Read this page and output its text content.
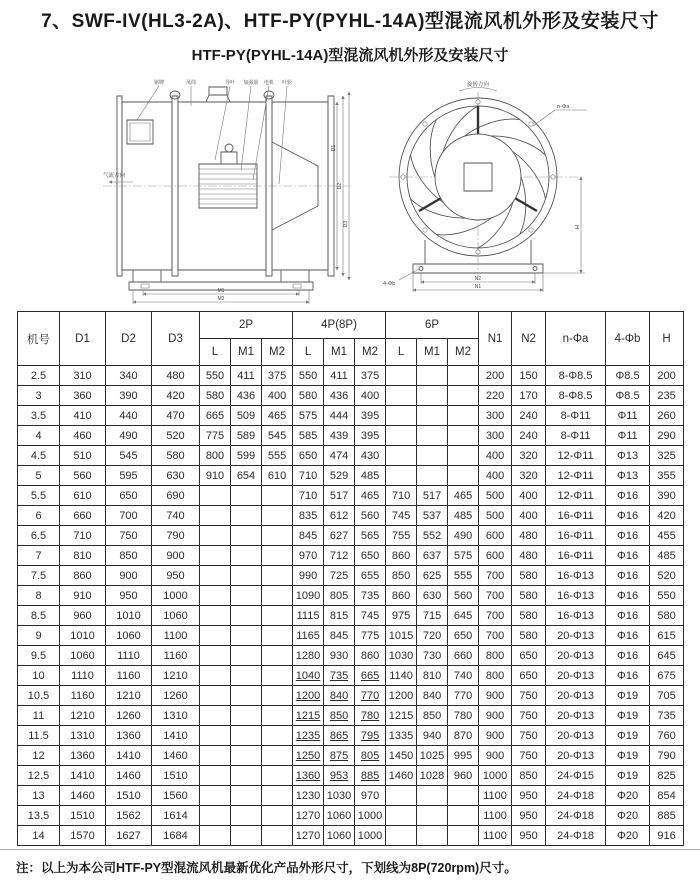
7、SWF-IV(HL3-2A)、HTF-PY(PYHL-14A)型混流风机外形及安装尺寸
HTF-PY(PYHL-14A)型混流风机外形及安装尺寸
铭牌	风筒	导叶 加强筋 电机 叶轮
气流方向
M1
M2
D1
D2
D3
旋转方向
n-Φa
4-Φb
H
N2
N1
机号	D1	D2	D3	2P			4P(8P)			6P			N1	N2	n-Φa	4-Φb	H
				L	M1	M2	L	M1	M2	L	M1	M2					
2.5	310	340	480	550	411	375	550	411	375				200	150	8-Φ8.5	Φ8.5	200
3	360	390	420	580	436	400	580	436	400				220	170	8-Φ8.5	Φ8.5	235
3.5	410	440	470	665	509	465	575	444	395				300	240	8-Φ11	Φ11	260
4	460	490	520	775	589	545	585	439	395				300	240	8-Φ11	Φ11	290
4.5	510	545	580	800	599	555	650	474	430				400	320	12-Φ11	Φ13	325
5	560	595	630	910	654	610	710	529	485				400	320	12-Φ11	Φ13	355
5.5	610	650	690				710	517	465	710	517	465	500	400	12-Φ11	Φ16	390
6	660	700	740				835	612	560	745	537	485	500	400	16-Φ11	Φ16	420
6.5	710	750	790				845	627	565	755	552	490	600	480	16-Φ11	Φ16	455
7	810	850	900				970	712	650	860	637	575	600	480	16-Φ11	Φ16	485
7.5	860	900	950				990	725	655	850	625	555	700	580	16-Φ13	Φ16	520
8	910	950	1000				1090	805	735	860	630	560	700	580	16-Φ13	Φ16	550
8.5	960	1010	1060				1115	815	745	975	715	645	700	580	16-Φ13	Φ16	580
9	1010	1060	1100				1165	845	775	1015	720	650	700	580	20-Φ13	Φ16	615
9.5	1060	1110	1160				1280	930	860	1030	730	660	800	650	20-Φ13	Φ16	645
10	1110	1160	1210				1040	735	665	1140	810	740	800	650	20-Φ13	Φ16	675
10.5	1160	1210	1260				1200	840	770	1200	840	770	900	750	20-Φ13	Φ19	705
11	1210	1260	1310				1215	850	780	1215	850	780	900	750	20-Φ13	Φ19	735
11.5	1310	1360	1410				1235	865	795	1335	940	870	900	750	20-Φ13	Φ19	760
12	1360	1410	1460				1250	875	805	1450	1025	995	900	750	20-Φ13	Φ19	790
12.5	1410	1460	1510				1360	953	885	1460	1028	960	1000	850	24-Φ15	Φ19	825
13	1460	1510	1560				1230	1030	970				1100	950	24-Φ18	Φ20	854
13.5	1510	1562	1614				1270	1060	1000				1100	950	24-Φ18	Φ20	885
14	1570	1627	1684				1270	1060	1000				1100	950	24-Φ18	Φ20	916
注：以上为本公司HTF-PY型混流风机最新优化产品外形尺寸，下划线为8P(720rpm)尺寸。
